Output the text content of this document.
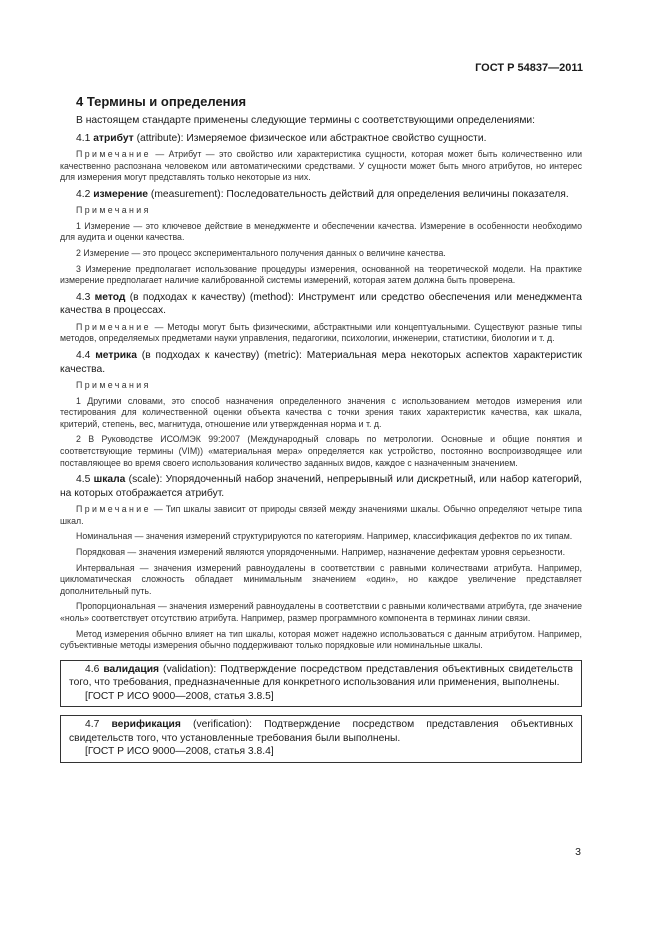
ГОСТ Р 54837—2011
4 Термины и определения

В настоящем стандарте применены следующие термины с соответствующими определениями:

4.1 атрибут (attribute): Измеряемое физическое или абстрактное свойство сущности.

Примечание — Атрибут — это свойство или характеристика сущности, которая может быть количественно или качественно распознана человеком или автоматическими средствами. У сущности может быть много атрибутов, но интерес для измерения могут представлять только некоторые из них.

4.2 измерение (measurement): Последовательность действий для определения величины показателя.

Примечания

1 Измерение — это ключевое действие в менеджменте и обеспечении качества. Измерение в особенности необходимо для аудита и оценки качества.

2 Измерение — это процесс экспериментального получения данных о величине качества.

3 Измерение предполагает использование процедуры измерения, основанной на теоретической модели. На практике измерение предполагает наличие калиброванной системы измерений, которая затем должна быть проверена.

4.3 метод (в подходах к качеству) (method): Инструмент или средство обеспечения или менеджмента качества в процессах.

Примечание — Методы могут быть физическими, абстрактными или концептуальными. Существуют разные типы методов, определяемых предметами науки управления, педагогики, психологии, инженерии, статистики, биологии и т. д.

4.4 метрика (в подходах к качеству) (metric): Материальная мера некоторых аспектов характеристик качества.

Примечания

1 Другими словами, это способ назначения определенного значения с использованием методов измерения или тестирования для количественной оценки объекта качества с точки зрения таких характеристик качества, как шкала, критерий, степень, вес, магнитуда, отношение или утвержденная норма и т. д.

2 В Руководстве ИСО/МЭК 99:2007 (Международный словарь по метрологии. Основные и общие понятия и соответствующие термины (VIM)) «материальная мера» определяется как устройство, постоянно воспроизводящее или поставляющее во время своего использования количество заданных видов, каждое с назначенным значением.

4.5 шкала (scale): Упорядоченный набор значений, непрерывный или дискретный, или набор категорий, на которых отображается атрибут.

Примечание — Тип шкалы зависит от природы связей между значениями шкалы. Обычно определяют четыре типа шкал.

Номинальная — значения измерений структурируются по категориям. Например, классификация дефектов по их типам.

Порядковая — значения измерений являются упорядоченными. Например, назначение дефектам уровня серьезности.

Интервальная — значения измерений равноудалены в соответствии с равными количествами атрибута. Например, цикломатическая сложность обладает минимальным значением «один», но каждое увеличение представляет дополнительный путь.

Пропорциональная — значения измерений равноудалены в соответствии с равными количествами атрибута, где значение «ноль» соответствует отсутствию атрибута. Например, размер программного компонента в терминах линии связи.

Метод измерения обычно влияет на тип шкалы, которая может надежно использоваться с данным атрибутом. Например, субъективные методы измерения обычно поддерживают только порядковые или номинальные шкалы.

4.6 валидация (validation): Подтверждение посредством представления объективных свидетельств того, что требования, предназначенные для конкретного использования или применения, выполнены.

[ГОСТ Р ИСО 9000—2008, статья 3.8.5]

4.7 верификация (verification): Подтверждение посредством представления объективных свидетельств того, что установленные требования были выполнены.

[ГОСТ Р ИСО 9000—2008, статья 3.8.4]

3
